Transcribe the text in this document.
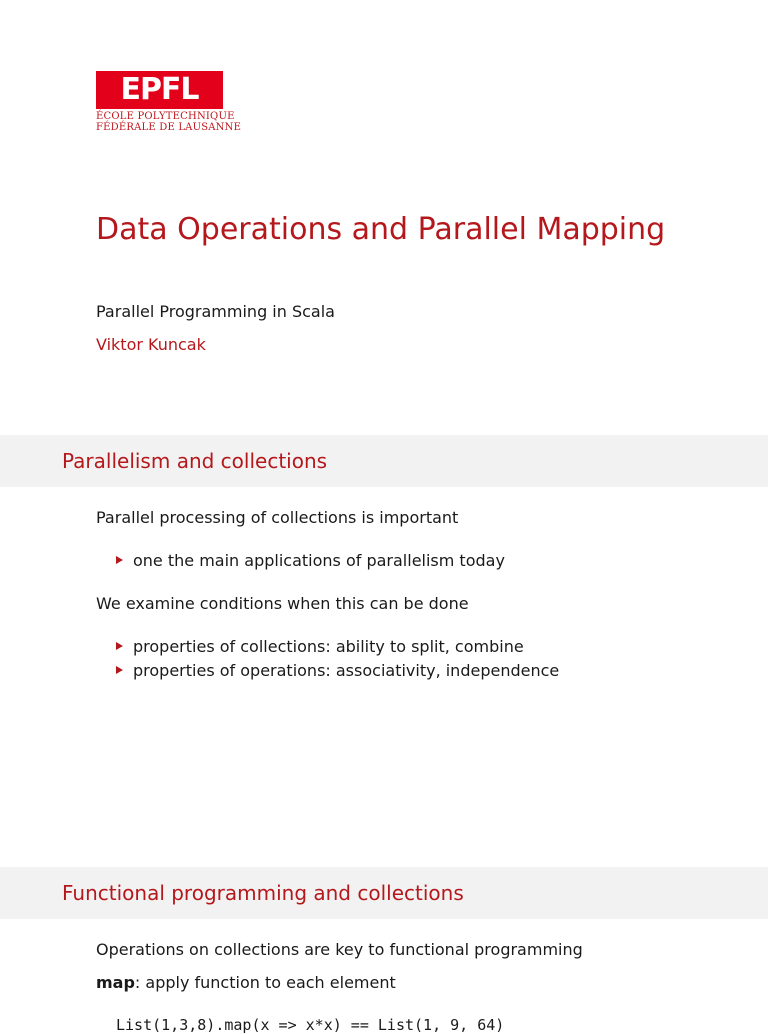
EPFL
ÉCOLE POLYTECHNIQUE
FÉDÉRALE DE LAUSANNE
Data Operations and Parallel Mapping
Parallel Programming in Scala
Viktor Kuncak
Parallelism and collections
Parallel processing of collections is important
one the main applications of parallelism today
We examine conditions when this can be done
properties of collections: ability to split, combine
properties of operations: associativity, independence
Functional programming and collections
Operations on collections are key to functional programming
map: apply function to each element
List(1,3,8).map(x => x*x) == List(1, 9, 64)
